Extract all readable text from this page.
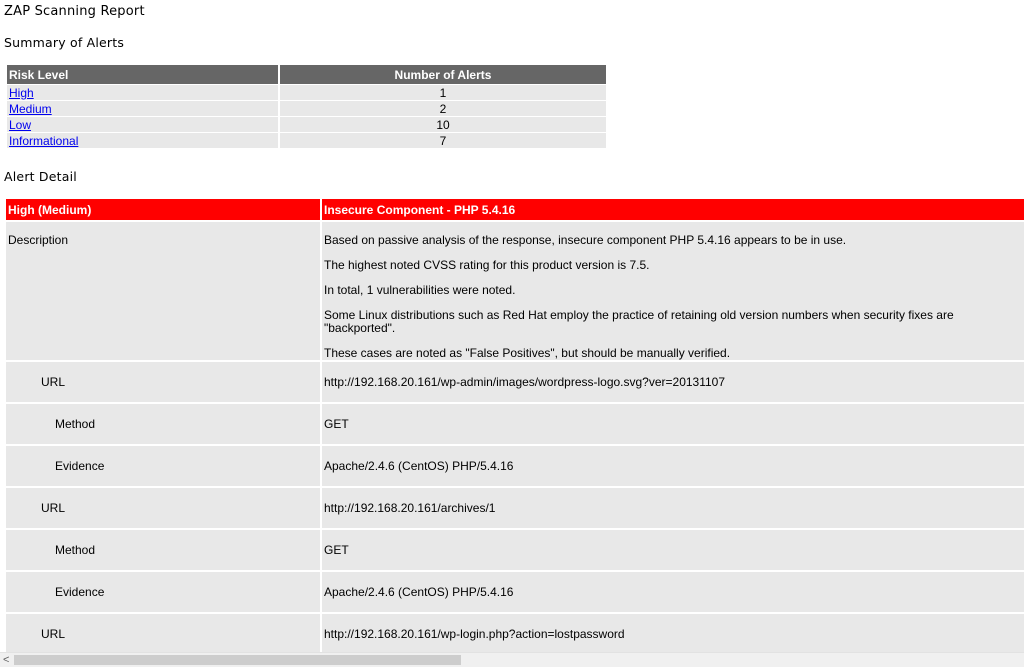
ZAP Scanning Report
Summary of Alerts
Risk Level	Number of Alerts
High	1
Medium	2
Low	10
Informational	7
Alert Detail
High (Medium)	Insecure Component - PHP 5.4.16

Description	Based on passive analysis of the response, insecure component PHP 5.4.16 appears to be in use.

The highest noted CVSS rating for this product version is 7.5.

In total, 1 vulnerabilities were noted.

Some Linux distributions such as Red Hat employ the practice of retaining old version numbers when security fixes are "backported".

These cases are noted as "False Positives", but should be manually verified.

URL	http://192.168.20.161/wp-admin/images/wordpress-logo.svg?ver=20131107
Method	GET
Evidence	Apache/2.4.6 (CentOS) PHP/5.4.16
URL	http://192.168.20.161/archives/1
Method	GET
Evidence	Apache/2.4.6 (CentOS) PHP/5.4.16
URL	http://192.168.20.161/wp-login.php?action=lostpassword
<
